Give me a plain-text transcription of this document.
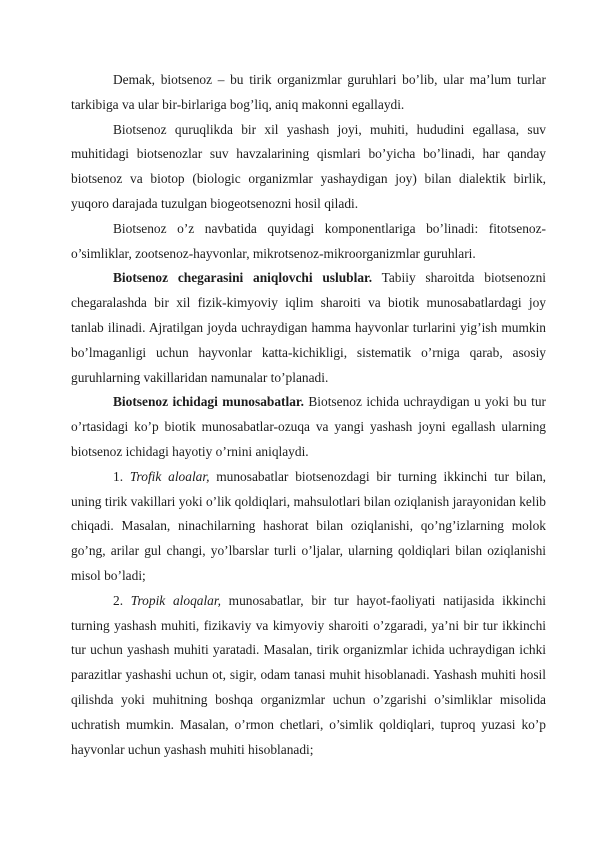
Demak, biotsenoz – bu tirik organizmlar guruhlari bo’lib, ular ma’lum turlar tarkibiga va ular bir-birlariga bog’liq, aniq makonni egallaydi.

Biotsenoz quruqlikda bir xil yashash joyi, muhiti, hududini egallasa, suv muhitidagi biotsenozlar suv havzalarining qismlari bo’yicha bo’linadi, har qanday biotsenoz va biotop (biologic organizmlar yashaydigan joy) bilan dialektik birlik, yuqoro darajada tuzulgan biogeotsenozni hosil qiladi.

Biotsenoz o’z navbatida quyidagi komponentlariga bo’linadi: fitotsenoz-o’simliklar, zootsenoz-hayvonlar, mikrotsenoz-mikroorganizmlar guruhlari.

Biotsenoz chegarasini aniqlovchi uslublar. Tabiiy sharoitda biotsenozni chegaralashda bir xil fizik-kimyoviy iqlim sharoiti va biotik munosabatlardagi joy tanlab ilinadi. Ajratilgan joyda uchraydigan hamma hayvonlar turlarini yig’ish mumkin bo’lmaganligi uchun hayvonlar katta-kichikligi, sistematik o’rniga qarab, asosiy guruhlarning vakillaridan namunalar to’planadi.

Biotsenoz ichidagi munosabatlar. Biotsenoz ichida uchraydigan u yoki bu tur o’rtasidagi ko’p biotik munosabatlar-ozuqa va yangi yashash joyni egallash ularning biotsenoz ichidagi hayotiy o’rnini aniqlaydi.

1. Trofik aloalar, munosabatlar biotsenozdagi bir turning ikkinchi tur bilan, uning tirik vakillari yoki o’lik qoldiqlari, mahsulotlari bilan oziqlanish jarayonidan kelib chiqadi. Masalan, ninachilarning hashorat bilan oziqlanishi, qo’ng’izlarning molok go’ng, arilar gul changi, yo’lbarslar turli o’ljalar, ularning qoldiqlari bilan oziqlanishi misol bo’ladi;

2. Tropik aloqalar, munosabatlar, bir tur hayot-faoliyati natijasida ikkinchi turning yashash muhiti, fizikaviy va kimyoviy sharoiti o’zgaradi, ya’ni bir tur ikkinchi tur uchun yashash muhiti yaratadi. Masalan, tirik organizmlar ichida uchraydigan ichki parazitlar yashashi uchun ot, sigir, odam tanasi muhit hisoblanadi. Yashash muhiti hosil qilishda yoki muhitning boshqa organizmlar uchun o’zgarishi o’simliklar misolida uchratish mumkin. Masalan, o’rmon chetlari, o’simlik qoldiqlari, tuproq yuzasi ko’p hayvonlar uchun yashash muhiti hisoblanadi;
